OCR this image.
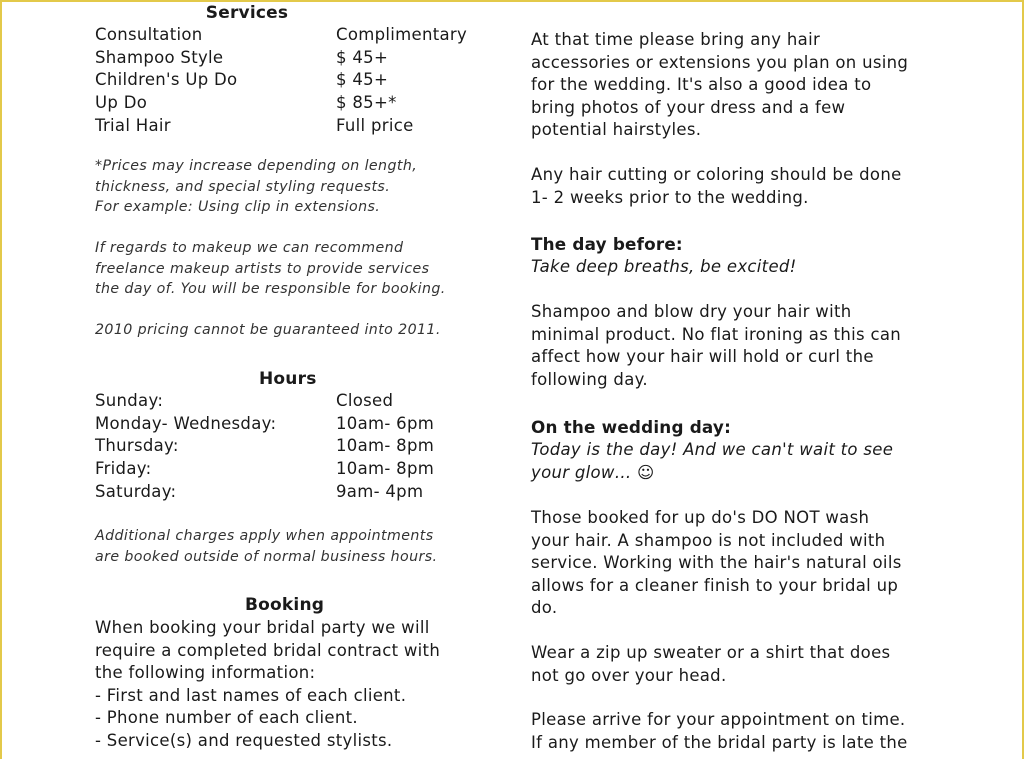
Services
Consultation	Complimentary
Shampoo Style	$ 45+
Children's Up Do	$ 45+
Up Do	$ 85+*
Trial Hair	Full price
*Prices may increase depending on length,
thickness, and special styling requests.
For example: Using clip in extensions.
If regards to makeup we can recommend
freelance makeup artists to provide services
the day of. You will be responsible for booking.
2010 pricing cannot be guaranteed into 2011.
Hours
Sunday:	Closed
Monday- Wednesday:	10am- 6pm
Thursday:	10am- 8pm
Friday:	10am- 8pm
Saturday:	9am- 4pm
Additional charges apply when appointments
are booked outside of normal business hours.
Booking
When booking your bridal party we will
require a completed bridal contract with
the following information:
- First and last names of each client.
- Phone number of each client.
- Service(s) and requested stylists.
At that time please bring any hair
accessories or extensions you plan on using
for the wedding. It's also a good idea to
bring photos of your dress and a few
potential hairstyles.
Any hair cutting or coloring should be done
1- 2 weeks prior to the wedding.
The day before:
Take deep breaths, be excited!
Shampoo and blow dry your hair with
minimal product. No flat ironing as this can
affect how your hair will hold or curl the
following day.
On the wedding day:
Today is the day! And we can't wait to see
your glow… ☺
Those booked for up do's DO NOT wash
your hair. A shampoo is not included with
service. Working with the hair's natural oils
allows for a cleaner finish to your bridal up
do.
Wear a zip up sweater or a shirt that does
not go over your head.
Please arrive for your appointment on time.
If any member of the bridal party is late the
